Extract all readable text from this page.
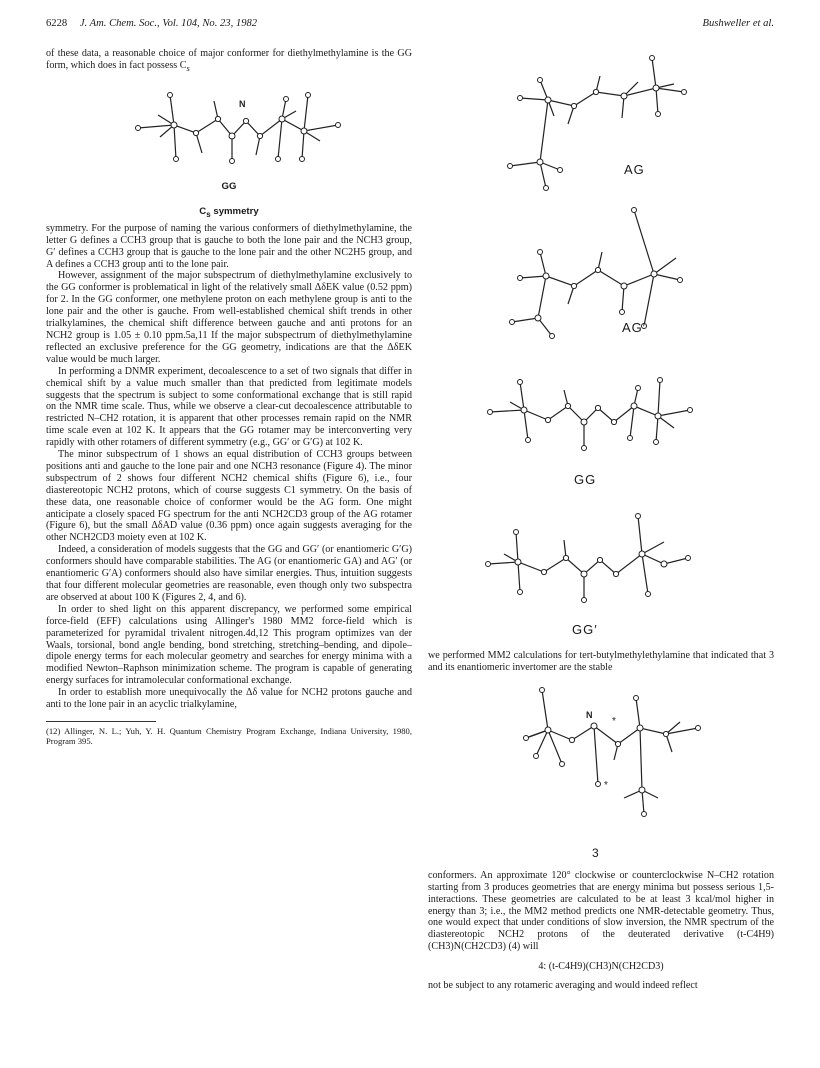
6228 J. Am. Chem. Soc., Vol. 104, No. 23, 1982	Bushweller et al.

of these data, a reasonable choice of major conformer for diethylmethylamine is the GG form, which does in fact possess $C_s$

N
GG
$C_s$ symmetry

symmetry. For the purpose of naming the various conformers of diethylmethylamine, the letter G defines a CCH3 group that is gauche to both the lone pair and the NCH3 group, G′ defines a CCH3 group that is gauche to the lone pair and the other NC2H5 group, and A defines a CCH3 group anti to the lone pair.

However, assignment of the major subspectrum of diethylmethylamine exclusively to the GG conformer is problematical in light of the relatively small ΔδEK value (0.52 ppm) for 2. In the GG conformer, one methylene proton on each methylene group is anti to the lone pair and the other is gauche. From well-established chemical shift trends in other trialkylamines, the chemical shift difference between gauche and anti protons for an NCH2 group is 1.05 ± 0.10 ppm.5a,11 If the major subspectrum of diethylmethylamine reflected an exclusive preference for the GG geometry, indications are that the ΔδEK value would be much larger.

In performing a DNMR experiment, decoalescence to a set of two signals that differ in chemical shift by a value much smaller than that predicted from legitimate models suggests that the spectrum is subject to some conformational exchange that is still rapid on the NMR time scale. Thus, while we observe a clear-cut decoalescence attributable to restricted N–CH2 rotation, it is apparent that other processes remain rapid on the NMR time scale even at 102 K. It appears that the GG rotamer may be interconverting very rapidly with other rotamers of different symmetry (e.g., GG′ or G′G) at 102 K.

The minor subspectrum of 1 shows an equal distribution of CCH3 groups between positions anti and gauche to the lone pair and one NCH3 resonance (Figure 4). The minor subspectrum of 2 shows four different NCH2 chemical shifts (Figure 6), i.e., four diastereotopic NCH2 protons, which of course suggests C1 symmetry. On the basis of these data, one reasonable choice of conformer would be the AG form. One might anticipate a closely spaced FG spectrum for the anti NCH2CD3 group of the AG rotamer (Figure 6), but the small ΔδAD value (0.36 ppm) once again suggests averaging for the other NCH2CD3 moiety even at 102 K.

Indeed, a consideration of models suggests that the GG and GG′ (or enantiomeric G′G) conformers should have comparable stabilities. The AG (or enantiomeric GA) and AG′ (or enantiomeric G′A) conformers should also have similar energies. Thus, intuition suggests that four different molecular geometries are reasonable, even though only two subspectra are observed at about 100 K (Figures 2, 4, and 6).

In order to shed light on this apparent discrepancy, we performed some empirical force-field (EFF) calculations using Allinger's 1980 MM2 force-field which is parameterized for pyramidal trivalent nitrogen.4d,12 This program optimizes van der Waals, torsional, bond angle bending, bond stretching, stretching–bending, and dipole–dipole energy terms for each molecular geometry and searches for energy minima with a modified Newton–Raphson minimization scheme. The program is capable of generating energy surfaces for intramolecular conformational exchange.

In order to establish more unequivocally the Δδ value for NCH2 protons gauche and anti to the lone pair in an acyclic trialkylamine,

(12) Allinger, N. L.; Yuh, Y. H. Quantum Chemistry Program Exchange, Indiana University, 1980, Program 395.

AG
AG′
GG
GG′

we performed MM2 calculations for tert-butylmethylethylamine that indicated that 3 and its enantiomeric invertomer are the stable

N
*
*
3

conformers. An approximate 120° clockwise or counterclockwise N–CH2 rotation starting from 3 produces geometries that are energy minima but possess serious 1,5-interactions. These geometries are calculated to be at least 3 kcal/mol higher in energy than 3; i.e., the MM2 method predicts one NMR-detectable geometry. Thus, one would expect that under conditions of slow inversion, the NMR spectrum of the diastereotopic NCH2 protons of the deuterated derivative (t-C4H9)(CH3)N(CH2CD3) (4) will

4: (t-C4H9)(CH3)N(CH2CD3)

not be subject to any rotameric averaging and would indeed reflect
